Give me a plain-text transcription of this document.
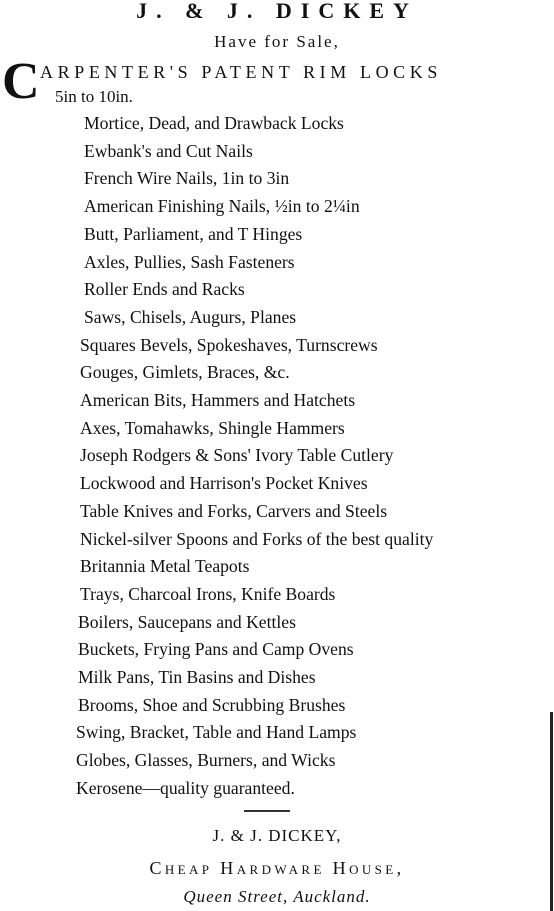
J. & J. DICKEY
Have for Sale,
C ARPENTER'S PATENT RIM LOCKS
5in to 10in.
Mortice, Dead, and Drawback Locks
Ewbank's and Cut Nails
French Wire Nails, 1in to 3in
American Finishing Nails, ½in to 2¼in
Butt, Parliament, and T Hinges
Axles, Pullies, Sash Fasteners
Roller Ends and Racks
Saws, Chisels, Augurs, Planes
Squares Bevels, Spokeshaves, Turnscrews
Gouges, Gimlets, Braces, &c.
American Bits, Hammers and Hatchets
Axes, Tomahawks, Shingle Hammers
Joseph Rodgers & Sons' Ivory Table Cutlery
Lockwood and Harrison's Pocket Knives
Table Knives and Forks, Carvers and Steels
Nickel-silver Spoons and Forks of the best quality
Britannia Metal Teapots
Trays, Charcoal Irons, Knife Boards
Boilers, Saucepans and Kettles
Buckets, Frying Pans and Camp Ovens
Milk Pans, Tin Basins and Dishes
Brooms, Shoe and Scrubbing Brushes
Swing, Bracket, Table and Hand Lamps
Globes, Glasses, Burners, and Wicks
Kerosene—quality guaranteed.
J. & J. DICKEY,
Cheap Hardware House,
Queen Street, Auckland.
